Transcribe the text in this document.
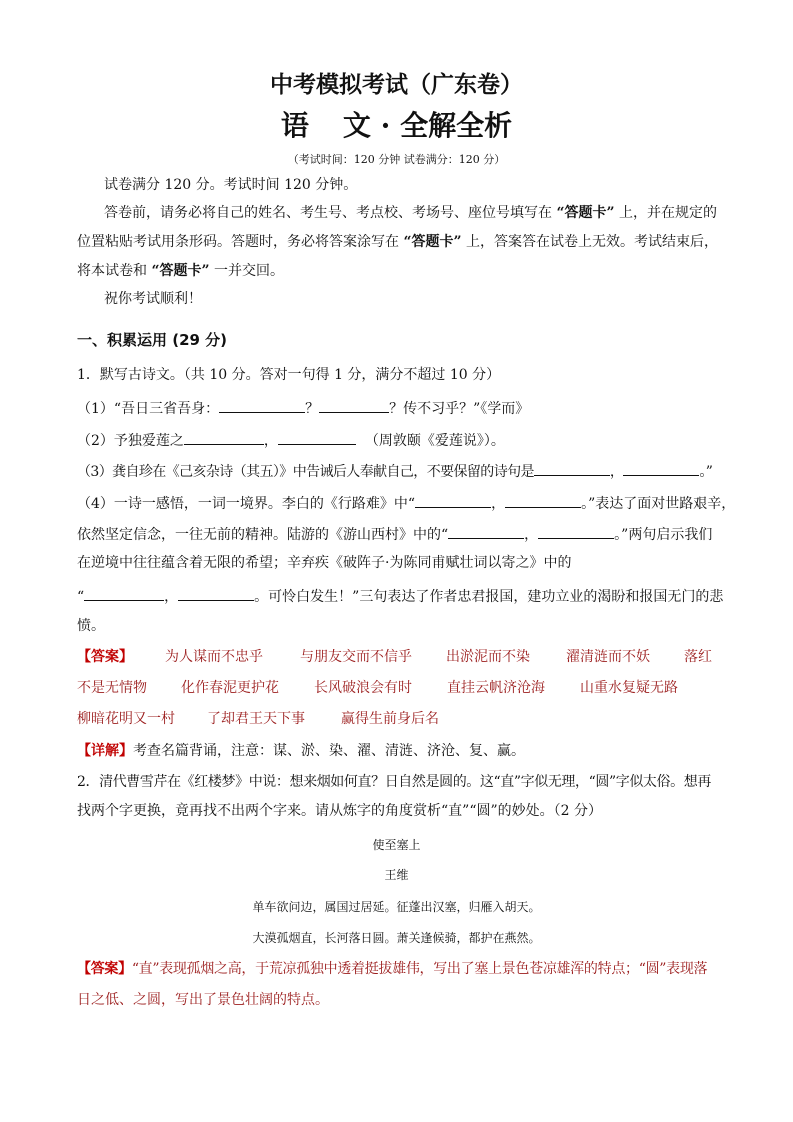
中考模拟考试（广东卷）
语 文 · 全解全析
（考试时间：120 分钟 试卷满分：120 分）
试卷满分 120 分。考试时间 120 分钟。
答卷前，请务必将自己的姓名、考生号、考点校、考场号、座位号填写在 “答题卡” 上，并在规定的
位置粘贴考试用条形码。答题时，务必将答案涂写在 “答题卡” 上，答案答在试卷上无效。考试结束后，
将本试卷和 “答题卡” 一并交回。
祝你考试顺利！
一、积累运用 (29 分)
1．默写古诗文。（共 10 分。答对一句得 1 分，满分不超过 10 分）
（1）“吾日三省吾身：	？	？传不习乎？”《学而》
（2）予独爱莲之	，	（周敦颐《爱莲说》）。
（3）龚自珍在《己亥杂诗（其五）》中告诫后人奉献自己，不要保留的诗句是	，	。”
（4）一诗一感悟，一词一境界。李白的《行路难》中“	，	。”表达了面对世路艰辛，
依然坚定信念，一往无前的精神。陆游的《游山西村》中的“	，	。”两句启示我们
在逆境中往往蕴含着无限的希望；辛弃疾《破阵子·为陈同甫赋壮词以寄之》中的
“	，	。可怜白发生！”三句表达了作者忠君报国，建功立业的渴盼和报国无门的悲
愤。
【答案】 为人谋而不忠乎	与朋友交而不信乎 出淤泥而不染	濯清涟而不妖 落红
不是无情物 化作春泥更护花	长风破浪会有时	直挂云帆济沧海	山重水复疑无路
柳暗花明又一村 了却君王天下事	赢得生前身后名
【详解】考查名篇背诵，注意：谋、淤、染、濯、清涟、济沧、复、赢。
2．清代曹雪芹在《红楼梦》中说：想来烟如何直？日自然是圆的。这“直”字似无理，“圆”字似太俗。想再
找两个字更换，竟再找不出两个字来。请从炼字的角度赏析“直”“圆”的妙处。（2 分）
使至塞上
王维
单车欲问边，属国过居延。征蓬出汉塞，归雁入胡天。
大漠孤烟直，长河落日圆。萧关逢候骑，都护在燕然。
【答案】“直”表现孤烟之高，于荒凉孤独中透着挺拔雄伟，写出了塞上景色苍凉雄浑的特点；“圆”表现落
日之低、之圆，写出了景色壮阔的特点。
